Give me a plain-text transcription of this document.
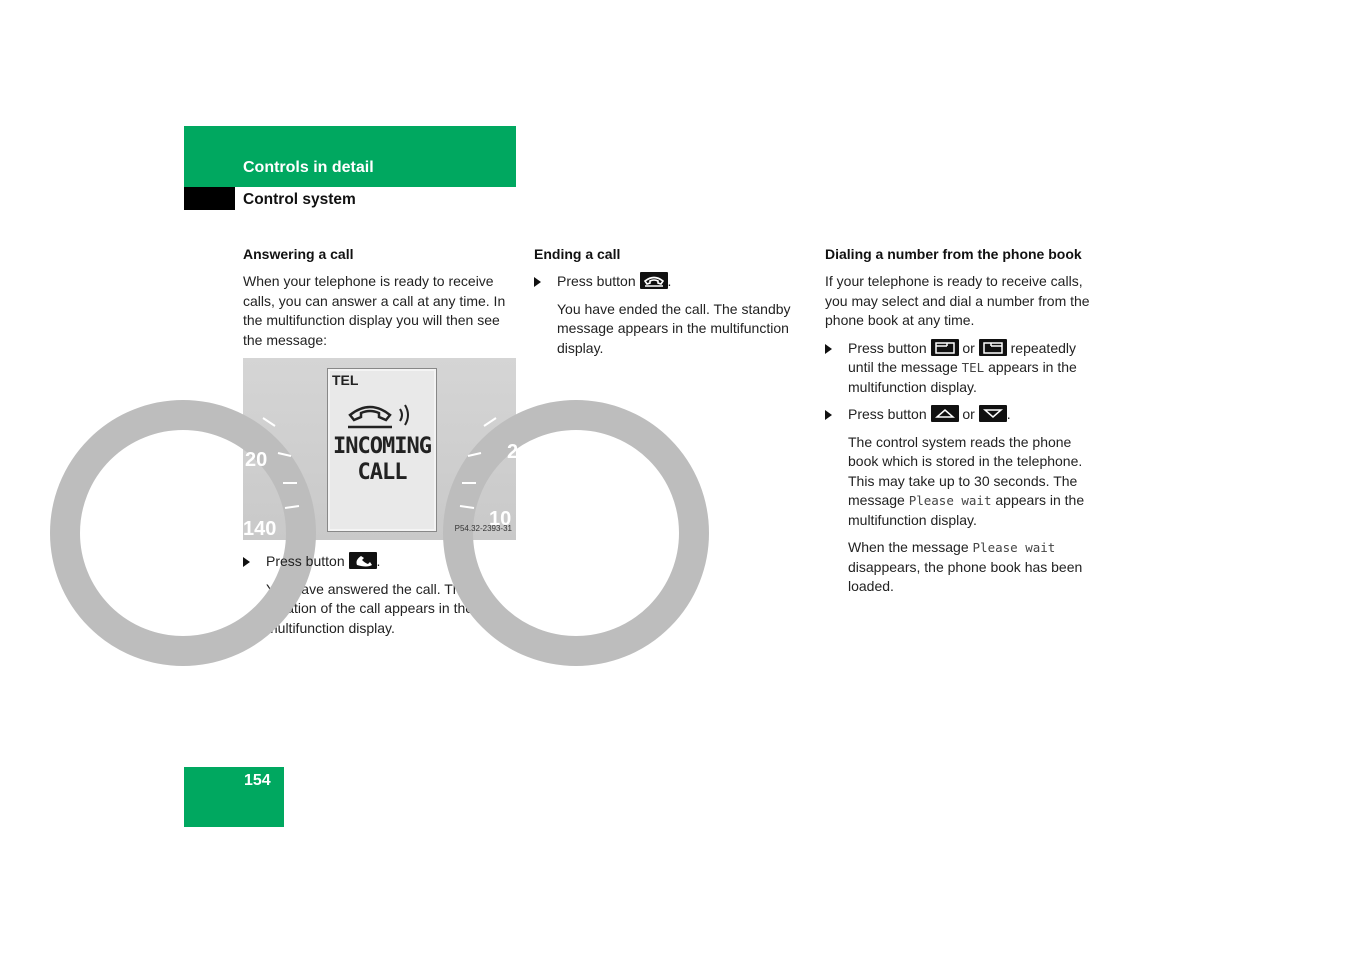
Controls in detail
Control system
Answering a call

When your telephone is ready to receive calls, you can answer a call at any time. In the multifunction display you will then see the message:

20
140
2
10
TEL
INCOMING
CALL
P54.32-2393-31
Press button .

You have answered the call. The duration of the call appears in the multifunction display.

Ending a call
Press button .

You have ended the call. The standby message appears in the multifunction display.

Dialing a number from the phone book

If your telephone is ready to receive calls, you may select and dial a number from the phone book at any time.

Press button	or	repeatedly until the message TEL appears in the multifunction display.
Press button	or .

The control system reads the phone book which is stored in the telephone. This may take up to 30 seconds. The message Please wait appears in the multifunction display.

When the message Please wait disappears, the phone book has been loaded.

154
